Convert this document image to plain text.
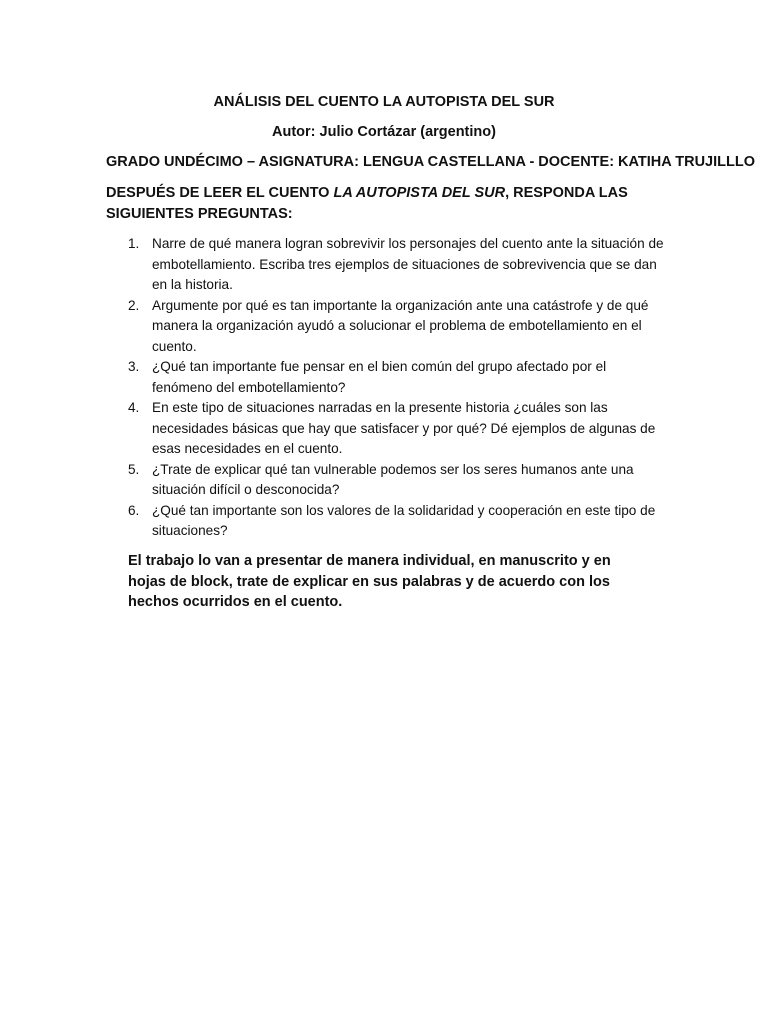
ANÁLISIS DEL CUENTO LA AUTOPISTA DEL SUR
Autor: Julio Cortázar (argentino)
GRADO UNDÉCIMO – ASIGNATURA: LENGUA CASTELLANA - DOCENTE: KATIHA TRUJILLLO
DESPUÉS DE LEER EL CUENTO LA AUTOPISTA DEL SUR, RESPONDA LAS SIGUIENTES PREGUNTAS:
1. Narre de qué manera logran sobrevivir los personajes del cuento ante la situación de embotellamiento. Escriba tres ejemplos de situaciones de sobrevivencia que se dan en la historia.
2. Argumente por qué es tan importante la organización ante una catástrofe y de qué manera la organización ayudó a solucionar el problema de embotellamiento en el cuento.
3. ¿Qué tan importante fue pensar en el bien común del grupo afectado por el fenómeno del embotellamiento?
4. En este tipo de situaciones narradas en la presente historia ¿cuáles son las necesidades básicas que hay que satisfacer y por qué? Dé ejemplos de algunas de esas necesidades en el cuento.
5. ¿Trate de explicar qué tan vulnerable podemos ser los seres humanos ante una situación difícil o desconocida?
6. ¿Qué tan importante son los valores de la solidaridad y cooperación en este tipo de situaciones?
El trabajo lo van a presentar de manera individual, en manuscrito y en hojas de block, trate de explicar en sus palabras y de acuerdo con los hechos ocurridos en el cuento.
